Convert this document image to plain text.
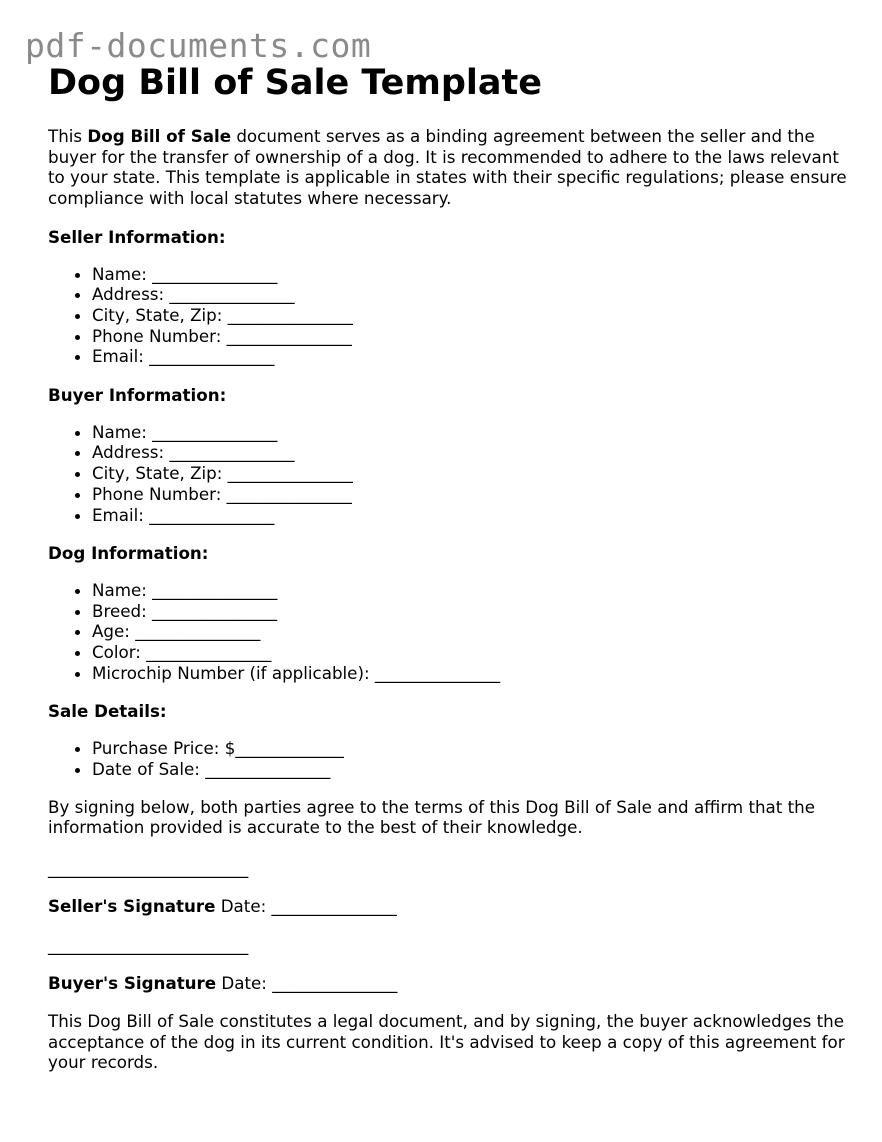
pdf-documents.com
Dog Bill of Sale Template

This Dog Bill of Sale document serves as a binding agreement between the seller and the buyer for the transfer of ownership of a dog. It is recommended to adhere to the laws relevant to your state. This template is applicable in states with their specific regulations; please ensure compliance with local statutes where necessary.

Seller Information:

• Name: _______________
• Address: _______________
• City, State, Zip: _______________
• Phone Number: _______________
• Email: _______________

Buyer Information:

• Name: _______________
• Address: _______________
• City, State, Zip: _______________
• Phone Number: _______________
• Email: _______________

Dog Information:

• Name: _______________
• Breed: _______________
• Age: _______________
• Color: _______________
• Microchip Number (if applicable): _______________

Sale Details:

• Purchase Price: $_____________
• Date of Sale: _______________

By signing below, both parties agree to the terms of this Dog Bill of Sale and affirm that the information provided is accurate to the best of their knowledge.

________________________

Seller's Signature Date: _______________

________________________

Buyer's Signature Date: _______________

This Dog Bill of Sale constitutes a legal document, and by signing, the buyer acknowledges the acceptance of the dog in its current condition. It's advised to keep a copy of this agreement for your records.
